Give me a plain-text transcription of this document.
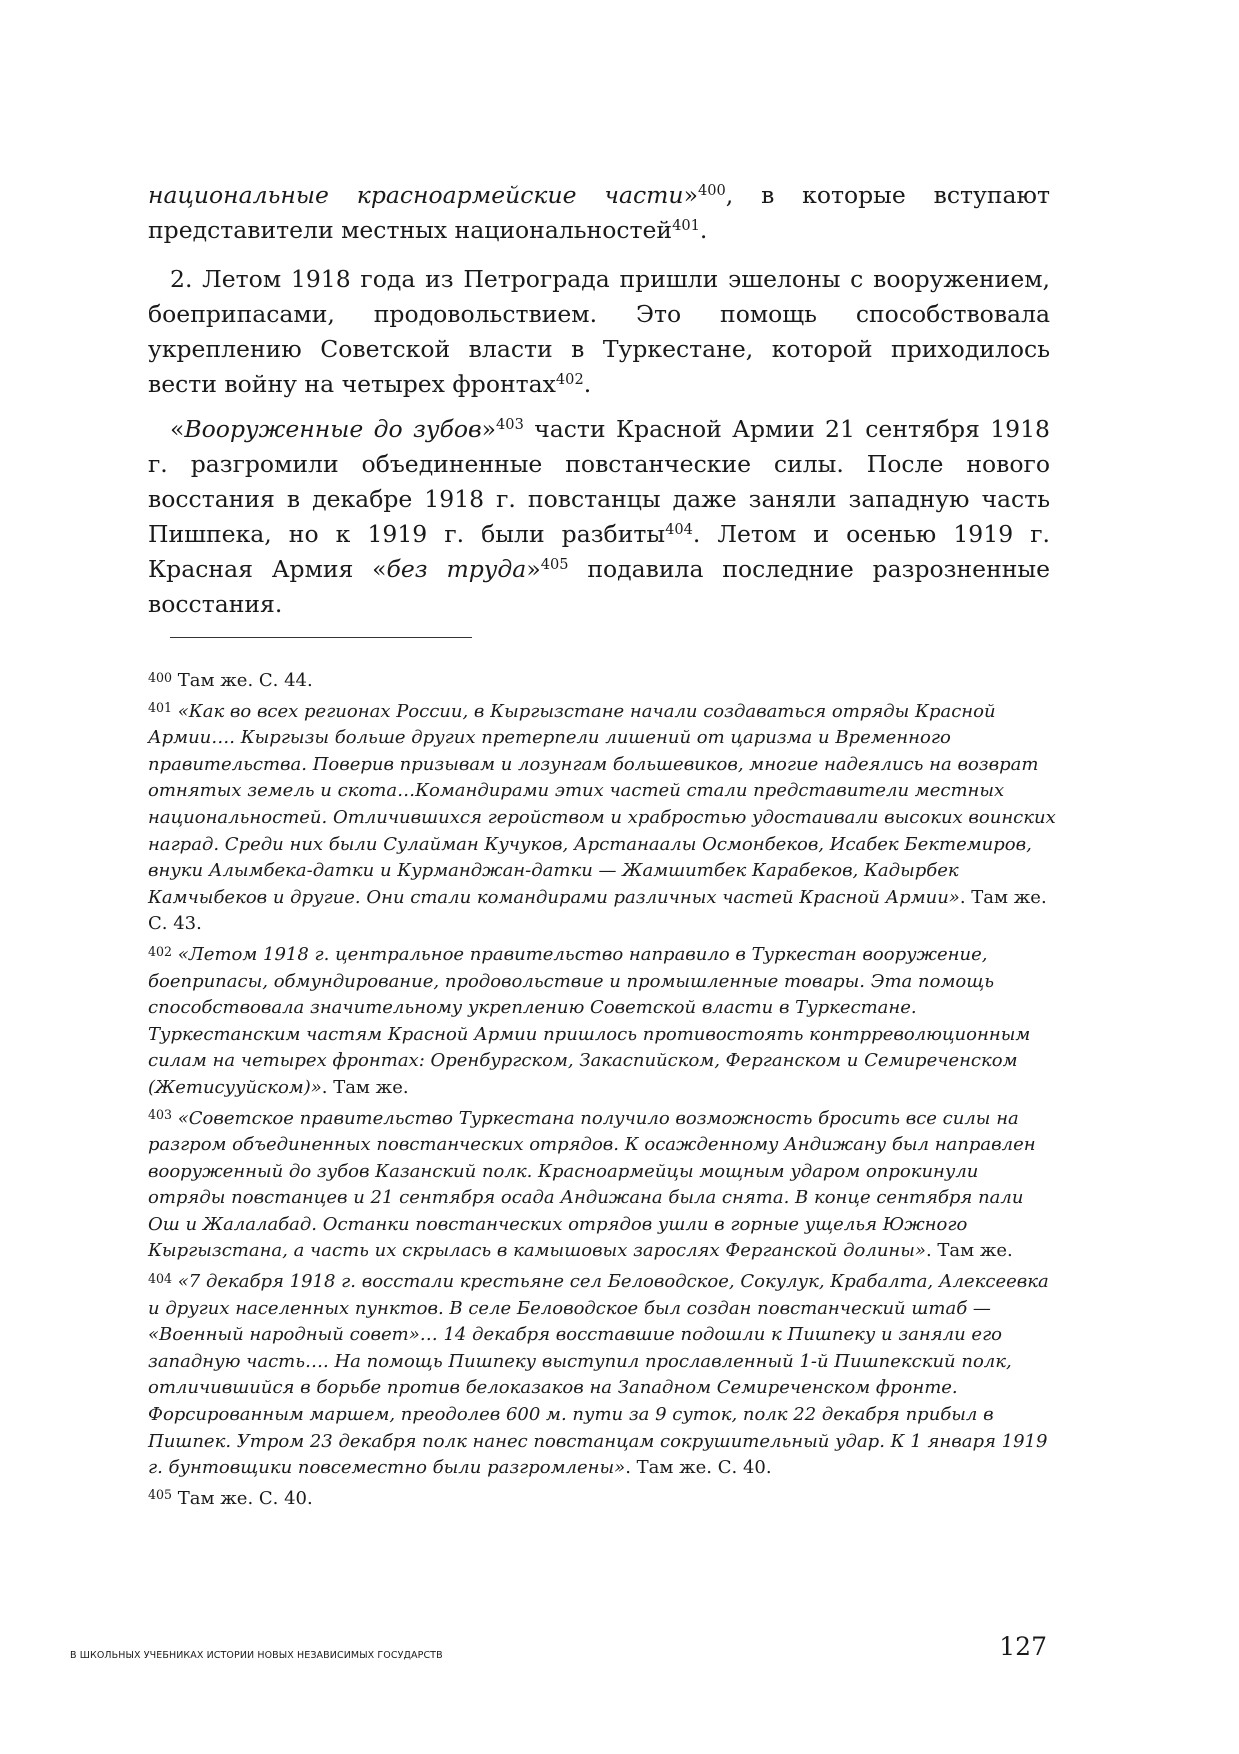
национальные красноармейские части»$^{400}$, в которые вступают представители местных национальностей$^{401}$.

2. Летом 1918 года из Петрограда пришли эшелоны с вооружением, боеприпасами, продовольствием. Это помощь способствовала укреплению Советской власти в Туркестане, которой приходилось вести войну на четырех фронтах$^{402}$.

«Вооруженные до зубов»$^{403}$ части Красной Армии 21 сентября 1918 г. разгромили объединенные повстанческие силы. После нового восстания в декабре 1918 г. повстанцы даже заняли западную часть Пишпека, но к 1919 г. были разбиты$^{404}$. Летом и осенью 1919 г. Красная Армия «без труда»$^{405}$ подавила последние разрозненные восстания.

$^{400}$ Там же. С. 44.

$^{401}$ «Как во всех регионах России, в Кыргызстане начали создаваться отряды Красной Армии…. Кыргызы больше других претерпели лишений от царизма и Временного правительства. Поверив призывам и лозунгам большевиков, многие надеялись на возврат отнятых земель и скота…Командирами этих частей стали представители местных национальностей. Отличившихся геройством и храбростью удостаивали высоких воинских наград. Среди них были Сулайман Кучуков, Арстанаалы Осмонбеков, Исабек Бектемиров, внуки Алымбека-датки и Курманджан-датки — Жамшитбек Карабеков, Кадырбек Камчыбеков и другие. Они стали командирами различных частей Красной Армии». Там же. С. 43.

$^{402}$ «Летом 1918 г. центральное правительство направило в Туркестан вооружение, боеприпасы, обмундирование, продовольствие и промышленные товары. Эта помощь способствовала значительному укреплению Советской власти в Туркестане. Туркестанским частям Красной Армии пришлось противостоять контрреволюционным силам на четырех фронтах: Оренбургском, Закаспийском, Ферганском и Семиреченском (Жетисууйском)». Там же.

$^{403}$ «Советское правительство Туркестана получило возможность бросить все силы на разгром объединенных повстанческих отрядов. К осажденному Андижану был направлен вооруженный до зубов Казанский полк. Красноармейцы мощным ударом опрокинули отряды повстанцев и 21 сентября осада Андижана была снята. В конце сентября пали Ош и Жалалабад. Останки повстанческих отрядов ушли в горные ущелья Южного Кыргызстана, а часть их скрылась в камышовых зарослях Ферганской долины». Там же.

$^{404}$ «7 декабря 1918 г. восстали крестьяне сел Беловодское, Сокулук, Крабалта, Алексеевка и других населенных пунктов. В селе Беловодское был создан повстанческий штаб — «Военный народный совет»… 14 декабря восставшие подошли к Пишпеку и заняли его западную часть…. На помощь Пишпеку выступил прославленный 1-й Пишпекский полк, отличившийся в борьбе против белоказаков на Западном Семиреченском фронте. Форсированным маршем, преодолев 600 м. пути за 9 суток, полк 22 декабря прибыл в Пишпек. Утром 23 декабря полк нанес повстанцам сокрушительный удар. К 1 января 1919 г. бунтовщики повсеместно были разгромлены». Там же. С. 40.

$^{405}$ Там же. С. 40.

В ШКОЛЬНЫХ УЧЕБНИКАХ ИСТОРИИ НОВЫХ НЕЗАВИСИМЫХ ГОСУДАРСТВ	127
